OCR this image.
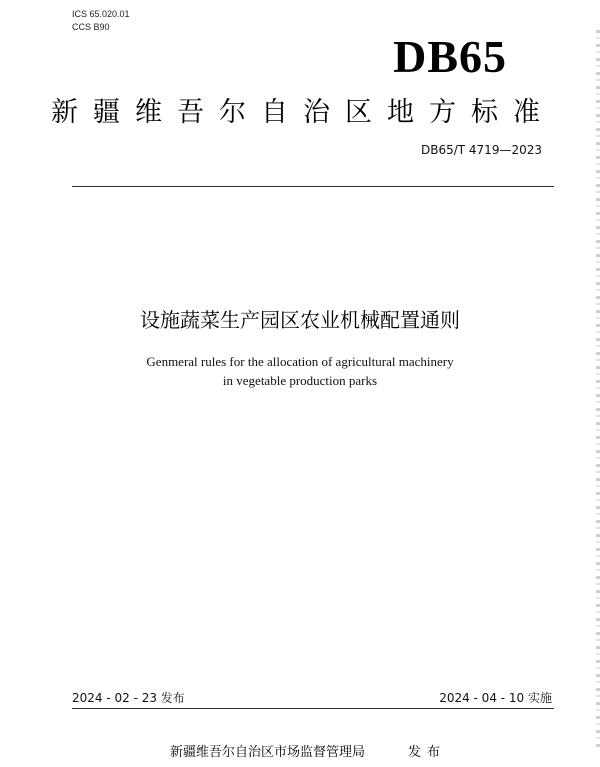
ICS 65.020.01
CCS B90
DB65
新疆维吾尔自治区地方标准
DB65/T 4719—2023
设施蔬菜生产园区农业机械配置通则
Genmeral rules for the allocation of agricultural machinery
in vegetable production parks
2024 - 02 - 23 发布	2024 - 04 - 10 实施
新疆维吾尔自治区市场监督管理局	发布
